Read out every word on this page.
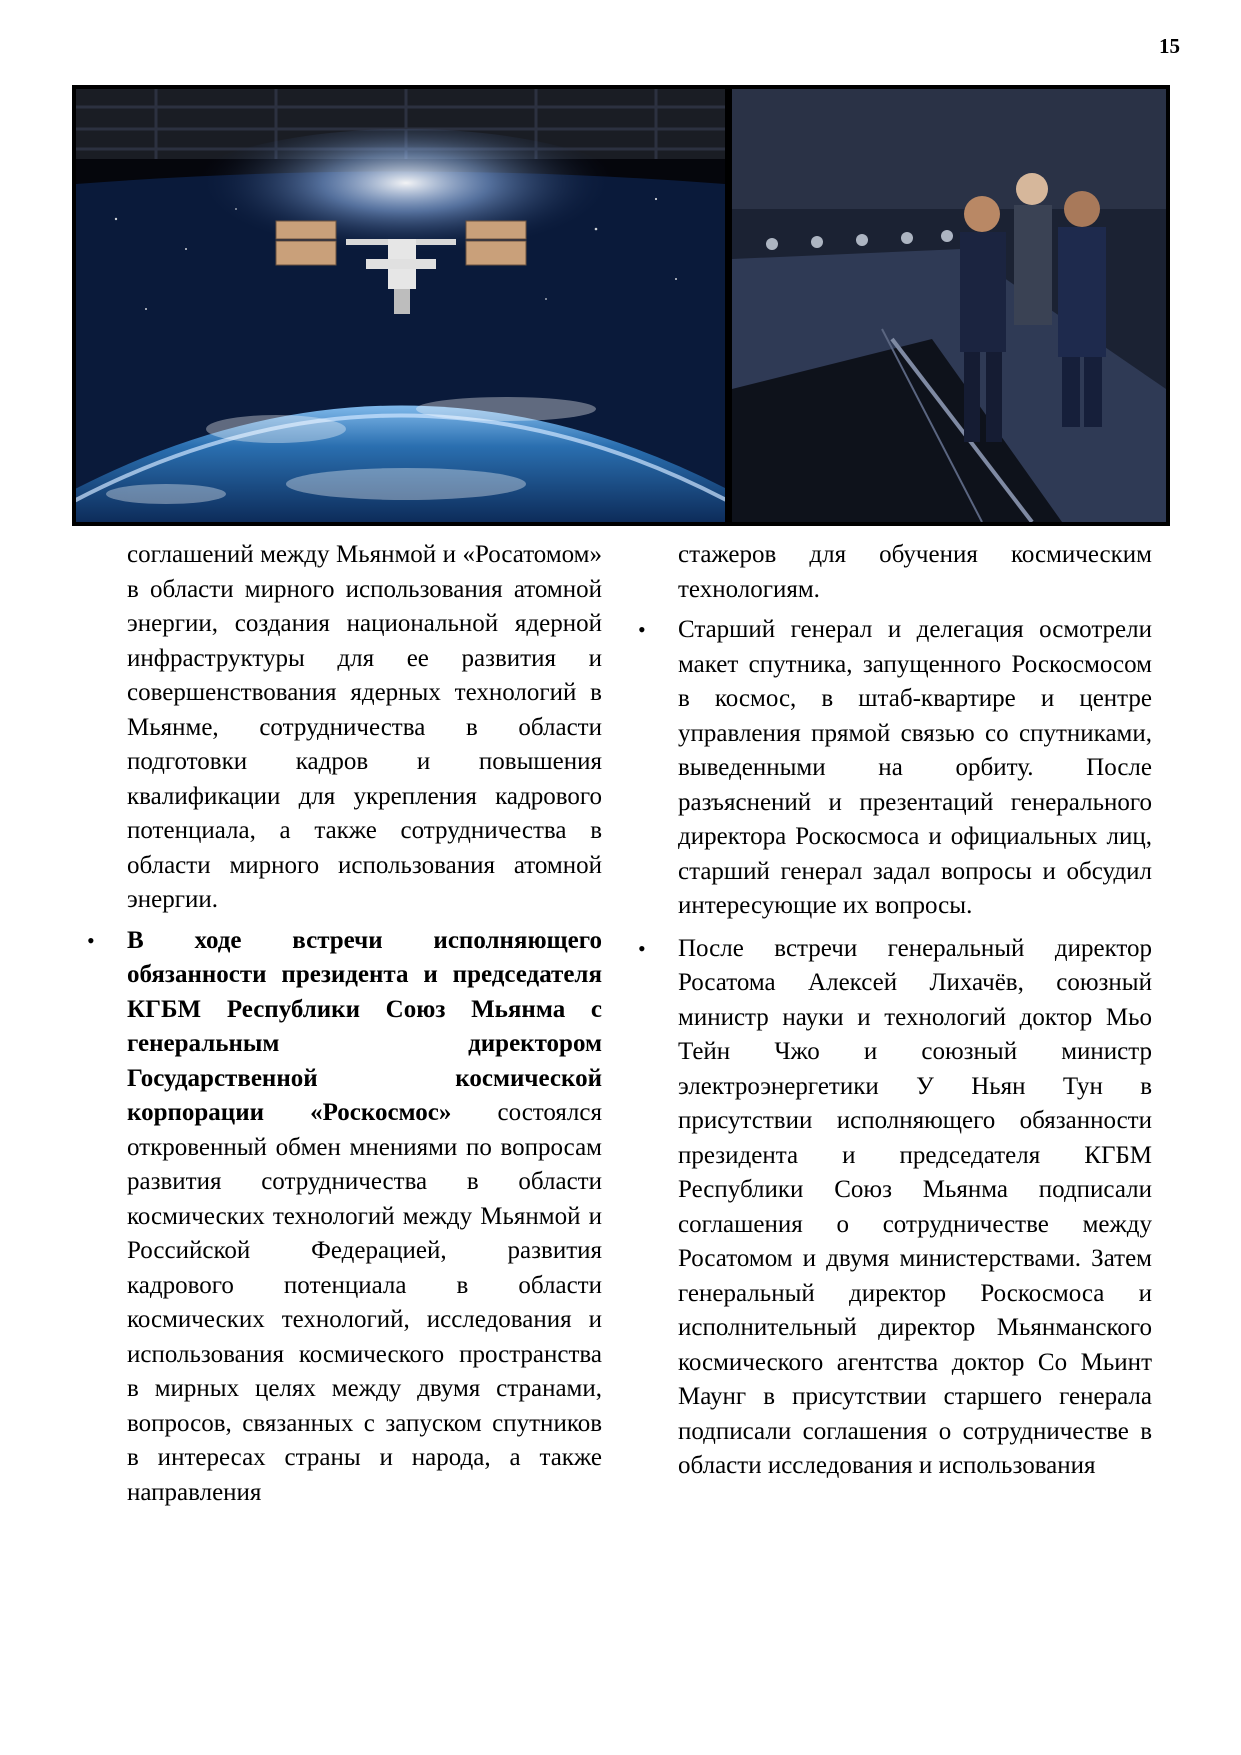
15

соглашений между Мьянмой и «Росатомом» в области мирного использования атомной энергии, создания национальной ядерной инфраструктуры для ее развития и совершенствования ядерных технологий в Мьянме, сотрудничества в области подготовки кадров и повышения квалификации для укрепления кадрового потенциала, а также сотрудничества в области мирного использования атомной энергии.

• В ходе встречи исполняющего обязанности президента и председателя КГБМ Республики Союз Мьянма с генеральным директором Государственной космической корпорации «Роскосмос» состоялся откровенный обмен мнениями по вопросам развития сотрудничества в области космических технологий между Мьянмой и Российской Федерацией, развития кадрового потенциала в области космических технологий, исследования и использования космического пространства в мирных целях между двумя странами, вопросов, связанных с запуском спутников в интересах страны и народа, а также направления

стажеров для обучения космическим технологиям.

• Старший генерал и делегация осмотрели макет спутника, запущенного Роскосмосом в космос, в штаб-квартире и центре управления прямой связью со спутниками, выведенными на орбиту. После разъяснений и презентаций генерального директора Роскосмоса и официальных лиц, старший генерал задал вопросы и обсудил интересующие их вопросы.

• После встречи генеральный директор Росатома Алексей Лихачёв, союзный министр науки и технологий доктор Мьо Тейн Чжо и союзный министр электроэнергетики У Ньян Тун в присутствии исполняющего обязанности президента и председателя КГБМ Республики Союз Мьянма подписали соглашения о сотрудничестве между Росатомом и двумя министерствами. Затем генеральный директор Роскосмоса и исполнительный директор Мьянманского космического агентства доктор Со Мьинт Маунг в присутствии старшего генерала подписали соглашения о сотрудничестве в области исследования и использования
